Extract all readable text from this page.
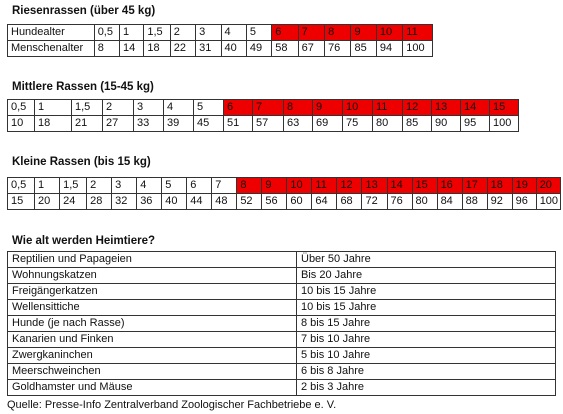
Riesenrassen (über 45 kg)
Hundealter	0,5	1	1,5	2	3	4	5	6	7	8	9	10	11
Menschenalter	8	14	18	22	31	40	49	58	67	76	85	94	100
Mittlere Rassen (15-45 kg)
0,5	1	1,5	2	3	4	5	6	7	8	9	10	11	12	13	14	15
10	18	21	27	33	39	45	51	57	63	69	75	80	85	90	95	100
Kleine Rassen (bis 15 kg)
0,5	1	1,5	2	3	4	5	6	7	8	9	10	11	12	13	14	15	16	17	18	19	20
15	20	24	28	32	36	40	44	48	52	56	60	64	68	72	76	80	84	88	92	96	100
Wie alt werden Heimtiere?
Reptilien und Papageien	Über 50 Jahre
Wohnungskatzen	Bis 20 Jahre
Freigängerkatzen	10 bis 15 Jahre
Wellensittiche	10 bis 15 Jahre
Hunde (je nach Rasse)	8 bis 15 Jahre
Kanarien und Finken	7 bis 10 Jahre
Zwergkaninchen	5 bis 10 Jahre
Meerschweinchen	6 bis 8 Jahre
Goldhamster und Mäuse	2 bis 3 Jahre

Quelle: Presse-Info Zentralverband Zoologischer Fachbetriebe e. V.
